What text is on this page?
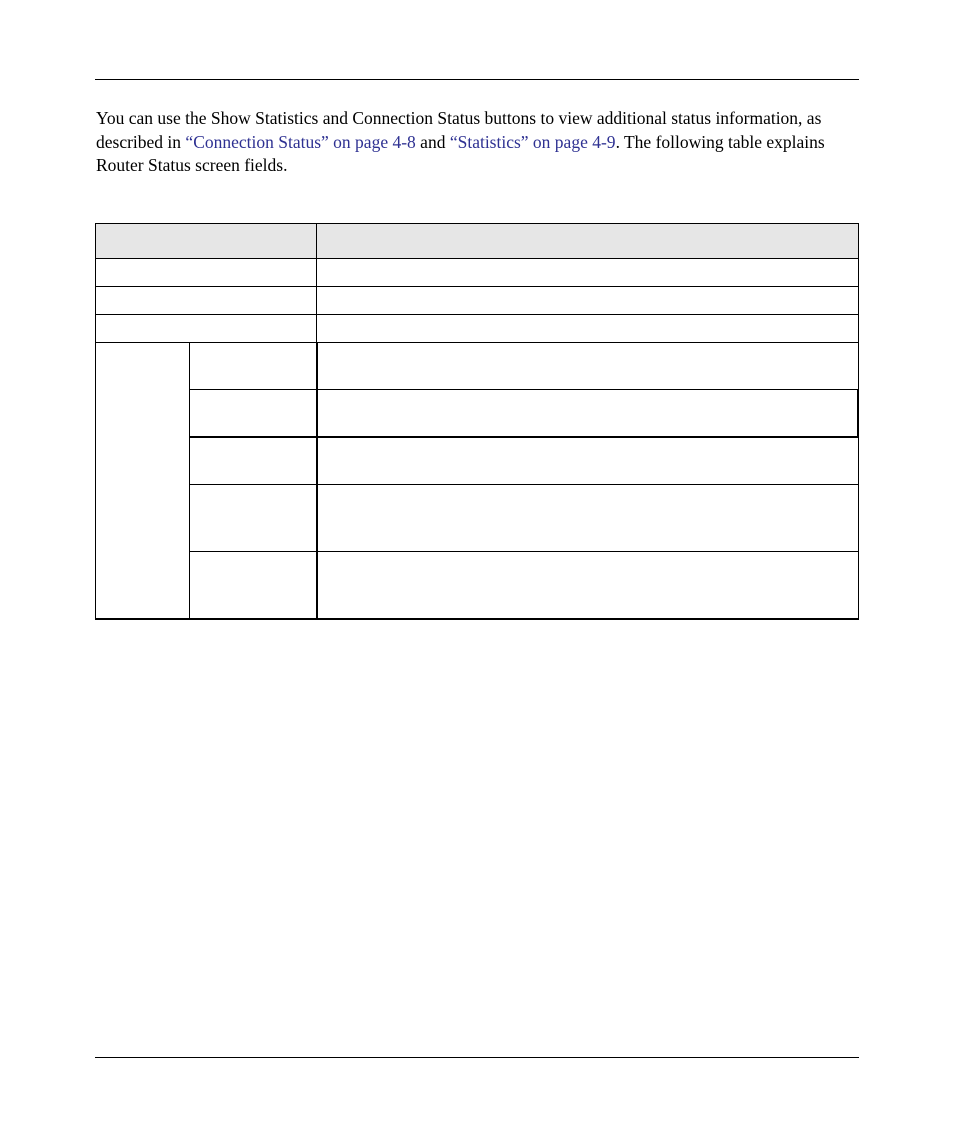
You can use the Show Statistics and Connection Status buttons to view additional status information, as described in “Connection Status” on page 4-8 and “Statistics” on page 4-9. The following table explains Router Status screen fields.
